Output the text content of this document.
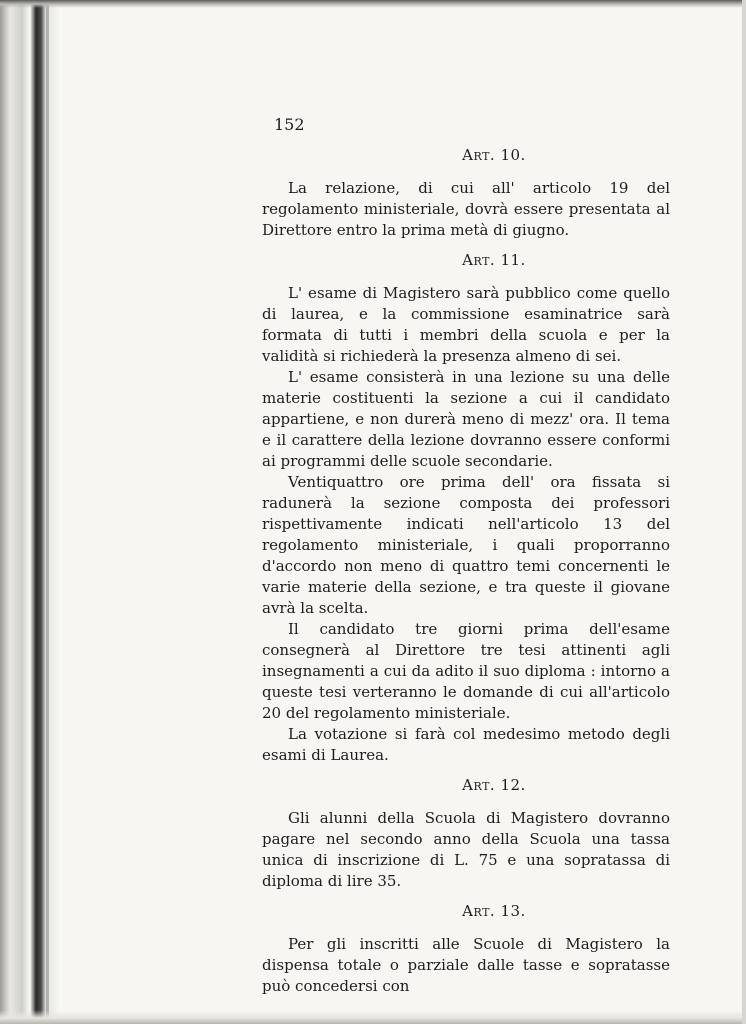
152
Art. 10.

La relazione, di cui all' articolo 19 del regolamento ministeriale, dovrà essere presentata al Direttore entro la prima metà di giugno.

Art. 11.

L' esame di Magistero sarà pubblico come quello di laurea, e la commissione esaminatrice sarà formata di tutti i membri della scuola e per la validità si richiederà la presenza almeno di sei.

L' esame consisterà in una lezione su una delle materie costituenti la sezione a cui il candidato appartiene, e non durerà meno di mezz' ora. Il tema e il carattere della lezione dovranno essere conformi ai programmi delle scuole secondarie.

Ventiquattro ore prima dell' ora fissata si radunerà la sezione composta dei professori rispettivamente indicati nell'articolo 13 del regolamento ministeriale, i quali proporranno d'accordo non meno di quattro temi concernenti le varie materie della sezione, e tra queste il giovane avrà la scelta.

Il candidato tre giorni prima dell'esame consegnerà al Direttore tre tesi attinenti agli insegnamenti a cui da adito il suo diploma : intorno a queste tesi verteranno le domande di cui all'articolo 20 del regolamento ministeriale.

La votazione si farà col medesimo metodo degli esami di Laurea.

Art. 12.

Gli alunni della Scuola di Magistero dovranno pagare nel secondo anno della Scuola una tassa unica di inscrizione di L. 75 e una sopratassa di diploma di lire 35.

Art. 13.

Per gli inscritti alle Scuole di Magistero la dispensa totale o parziale dalle tasse e sopratasse può concedersi con
